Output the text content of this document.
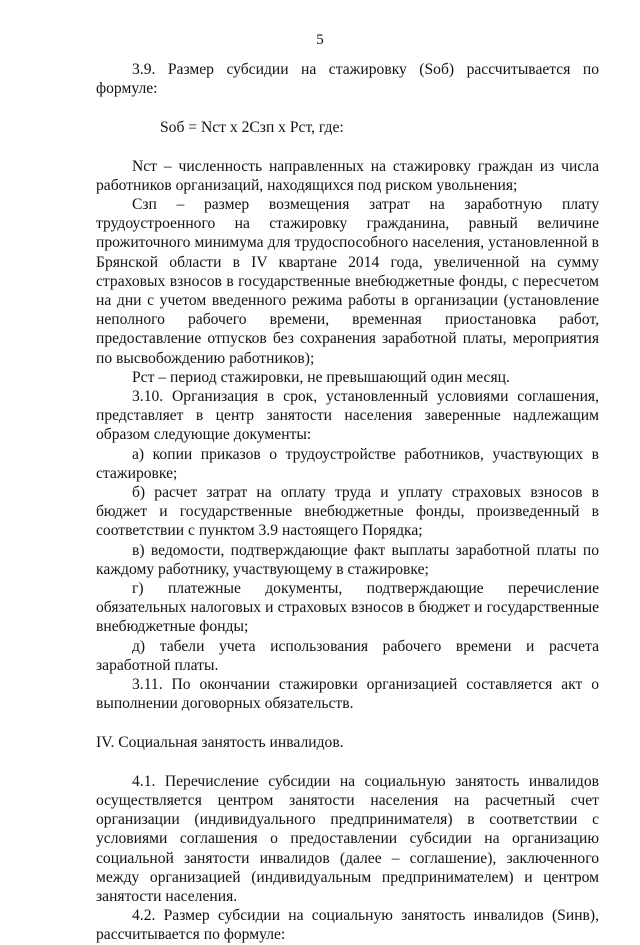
5

3.9. Размер субсидии на стажировку (Sоб) рассчитывается по формуле:

Sоб = Nст х 2Сзп х Рст, где:

Nст – численность направленных на стажировку граждан из числа работников организаций, находящихся под риском увольнения;

Сзп – размер возмещения затрат на заработную плату трудоустроенного на стажировку гражданина, равный величине прожиточного минимума для трудоспособного населения, установленной в Брянской области в IV квартане 2014 года, увеличенной на сумму страховых взносов в государственные внебюджетные фонды, с пересчетом на дни с учетом введенного режима работы в организации (установление неполного рабочего времени, временная приостановка работ, предоставление отпусков без сохранения заработной платы, мероприятия по высвобождению работников);

Рст – период стажировки, не превышающий один месяц.

3.10. Организация в срок, установленный условиями соглашения, представляет в центр занятости населения заверенные надлежащим образом следующие документы:

а) копии приказов о трудоустройстве работников, участвующих в стажировке;

б) расчет затрат на оплату труда и уплату страховых взносов в бюджет и государственные внебюджетные фонды, произведенный в соответствии с пунктом 3.9 настоящего Порядка;

в) ведомости, подтверждающие факт выплаты заработной платы по каждому работнику, участвующему в стажировке;

г) платежные документы, подтверждающие перечисление обязательных налоговых и страховых взносов в бюджет и государственные внебюджетные фонды;

д) табели учета использования рабочего времени и расчета заработной платы.

3.11. По окончании стажировки организацией составляется акт о выполнении договорных обязательств.

IV. Социальная занятость инвалидов.

4.1. Перечисление субсидии на социальную занятость инвалидов осуществляется центром занятости населения на расчетный счет организации (индивидуального предпринимателя) в соответствии с условиями соглашения о предоставлении субсидии на организацию социальной занятости инвалидов (далее – соглашение), заключенного между организацией (индивидуальным предпринимателем) и центром занятости населения.

4.2. Размер субсидии на социальную занятость инвалидов (Sинв), рассчитывается по формуле:
